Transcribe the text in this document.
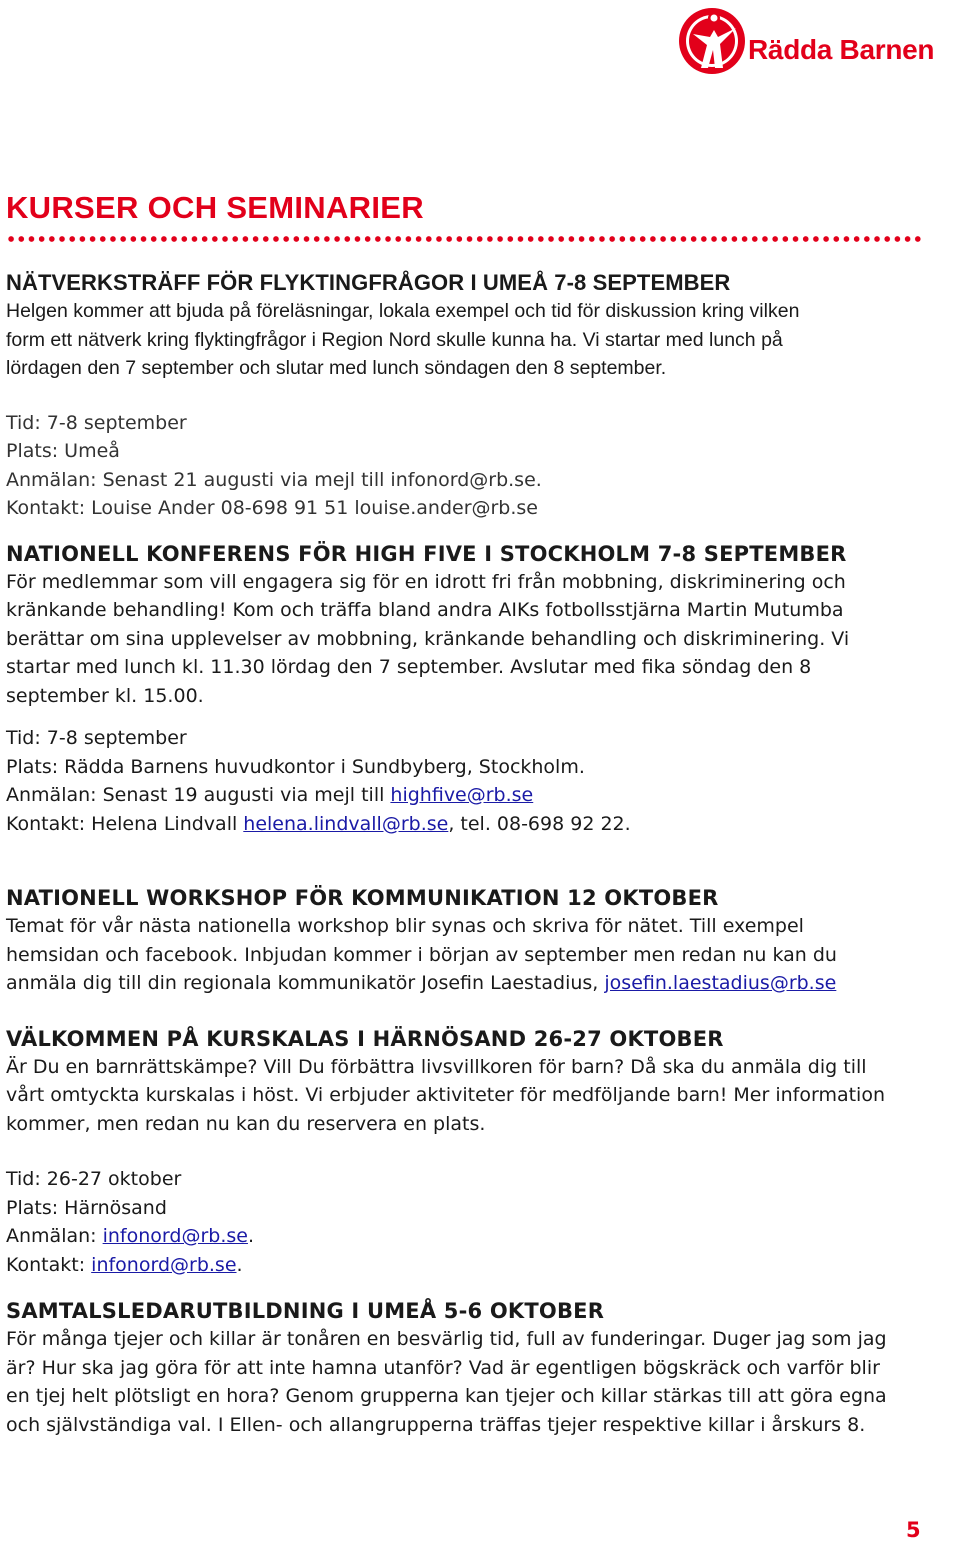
Rädda Barnen
KURSER OCH SEMINARIER
NÄTVERKSTRÄFF FÖR FLYKTINGFRÅGOR I UMEÅ 7-8 SEPTEMBER
Helgen kommer att bjuda på föreläsningar, lokala exempel och tid för diskussion kring vilken
form ett nätverk kring flyktingfrågor i Region Nord skulle kunna ha. Vi startar med lunch på
lördagen den 7 september och slutar med lunch söndagen den 8 september.
Tid: 7-8 september
Plats: Umeå
Anmälan: Senast 21 augusti via mejl till infonord@rb.se.
Kontakt: Louise Ander 08-698 91 51 louise.ander@rb.se
NATIONELL KONFERENS FÖR HIGH FIVE I STOCKHOLM 7-8 SEPTEMBER
För medlemmar som vill engagera sig för en idrott fri från mobbning, diskriminering och
kränkande behandling! Kom och träffa bland andra AIKs fotbollsstjärna Martin Mutumba
berättar om sina upplevelser av mobbning, kränkande behandling och diskriminering. Vi
startar med lunch kl. 11.30 lördag den 7 september. Avslutar med fika söndag den 8
september kl. 15.00.
Tid: 7-8 september
Plats: Rädda Barnens huvudkontor i Sundbyberg, Stockholm.
Anmälan: Senast 19 augusti via mejl till highfive@rb.se
Kontakt: Helena Lindvall helena.lindvall@rb.se, tel. 08-698 92 22.
NATIONELL WORKSHOP FÖR KOMMUNIKATION 12 OKTOBER
Temat för vår nästa nationella workshop blir synas och skriva för nätet. Till exempel
hemsidan och facebook. Inbjudan kommer i början av september men redan nu kan du
anmäla dig till din regionala kommunikatör Josefin Laestadius, josefin.laestadius@rb.se
VÄLKOMMEN PÅ KURSKALAS I HÄRNÖSAND 26-27 OKTOBER
Är Du en barnrättskämpe? Vill Du förbättra livsvillkoren för barn? Då ska du anmäla dig till
vårt omtyckta kurskalas i höst. Vi erbjuder aktiviteter för medföljande barn! Mer information
kommer, men redan nu kan du reservera en plats.
Tid: 26-27 oktober
Plats: Härnösand
Anmälan: infonord@rb.se.
Kontakt: infonord@rb.se.
SAMTALSLEDARUTBILDNING I UMEÅ 5-6 OKTOBER
För många tjejer och killar är tonåren en besvärlig tid, full av funderingar. Duger jag som jag
är? Hur ska jag göra för att inte hamna utanför? Vad är egentligen bögskräck och varför blir
en tjej helt plötsligt en hora? Genom grupperna kan tjejer och killar stärkas till att göra egna
och självständiga val. I Ellen- och allangrupperna träffas tjejer respektive killar i årskurs 8.
5
